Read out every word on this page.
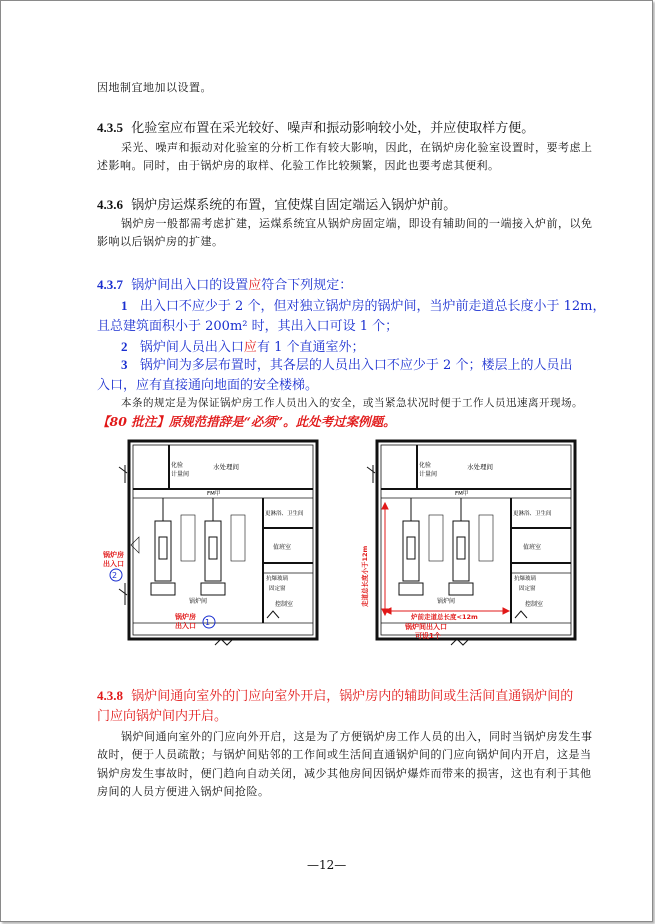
因地制宜地加以设置。
4.3.5 化验室应布置在采光较好、噪声和振动影响较小处，并应使取样方便。
采光、噪声和振动对化验室的分析工作有较大影响，因此，在锅炉房化验室设置时，要考虑上
述影响。同时，由于锅炉房的取样、化验工作比较频繁，因此也要考虑其便利。
4.3.6 锅炉房运煤系统的布置，宜使煤自固定端运入锅炉炉前。
锅炉房一般都需考虑扩建，运煤系统宜从锅炉房固定端，即设有辅助间的一端接入炉前，以免
影响以后锅炉房的扩建。
4.3.7 锅炉间出入口的设置应符合下列规定：
1 出入口不应少于 2 个，但对独立锅炉房的锅炉间，当炉前走道总长度小于 12m，
且总建筑面积小于 200m² 时，其出入口可设 1 个；
2 锅炉间人员出入口应有 1 个直通室外；
3 锅炉间为多层布置时，其各层的人员出入口不应少于 2 个；楼层上的人员出
入口，应有直接通向地面的安全楼梯。
本条的规定是为保证锅炉房工作人员出入的安全，或当紧急状况时便于工作人员迅速离开现场。
【80 批注】原规范措辞是“必须”。此处考过案例题。
化验
计量间
水处理间
FM甲
更淋浴、卫生间
值班室
抗爆玻璃
固定窗
控制室
锅炉间
锅炉房
出入口
2
锅炉房
出入口 1
化验
计量间
水处理间
FM甲
更淋浴、卫生间
值班室
抗爆玻璃
固定窗
控制室
锅炉间
走道总长度小于12m
炉前走道总长度<12m
锅炉间出入口
可设1个
4.3.8 锅炉间通向室外的门应向室外开启，锅炉房内的辅助间或生活间直通锅炉间的
门应向锅炉间内开启。
锅炉间通向室外的门应向外开启，这是为了方便锅炉房工作人员的出入，同时当锅炉房发生事
故时，便于人员疏散；与锅炉间贴邻的工作间或生活间直通锅炉间的门应向锅炉间内开启，这是当
锅炉房发生事故时，便门趋向自动关闭，减少其他房间因锅炉爆炸而带来的损害，这也有利于其他
房间的人员方便进入锅炉间抢险。
—12—
